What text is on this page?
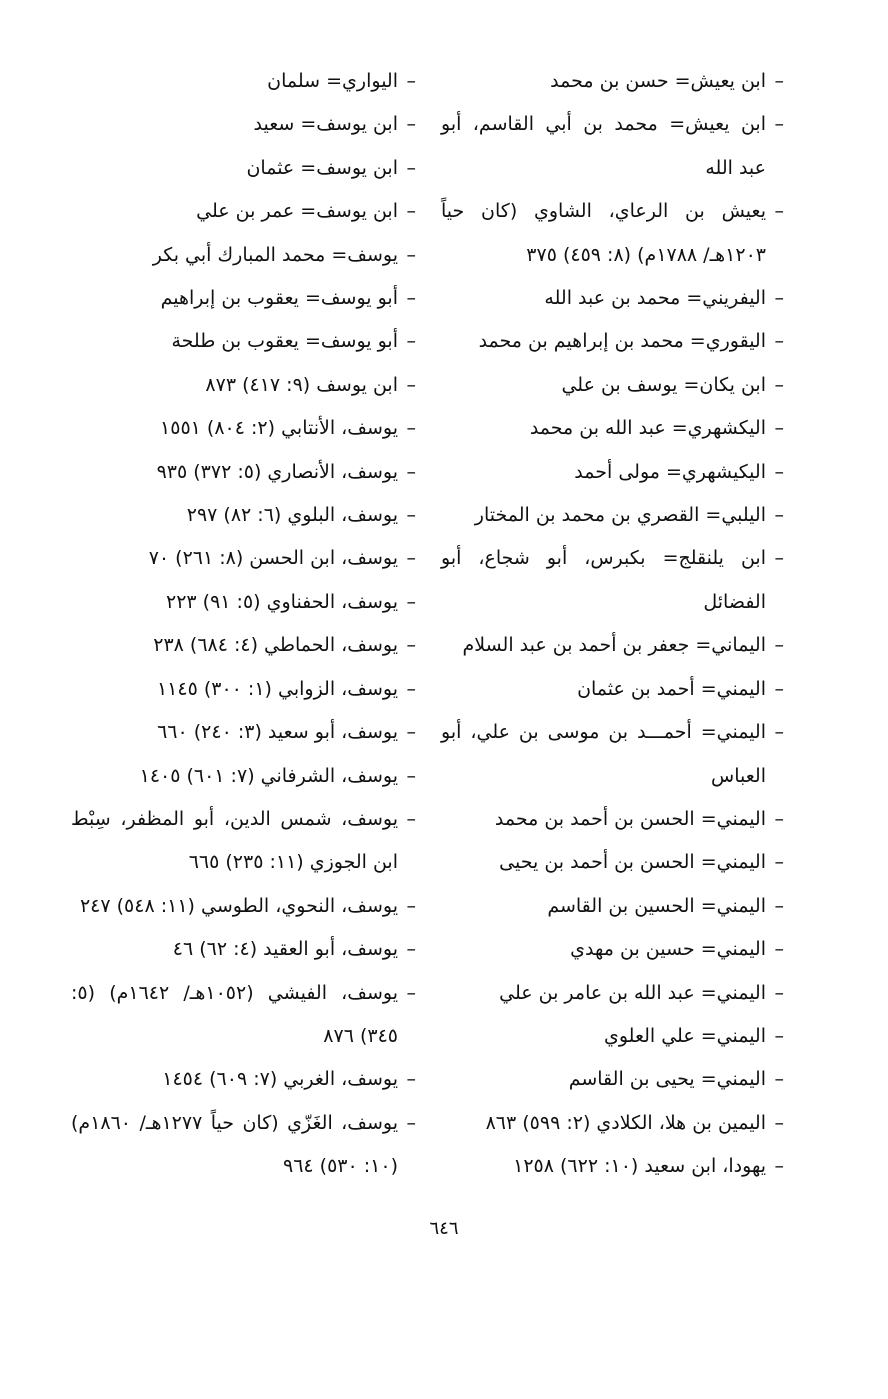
–
ابن يعيش= حسن بن محمد
–
ابن يعيش= محمد بن أبي القاسم، أبو عبد الله
–
يعيش بن الرعاي، الشاوي (كان حياً ١٢٠٣هـ/ ١٧٨٨م) (٨: ٤٥٩) ٣٧٥
–
اليفريني= محمد بن عبد الله
–
اليقوري= محمد بن إبراهيم بن محمد
–
ابن يكان= يوسف بن علي
–
اليكشهري= عبد الله بن محمد
–
اليكيشهري= مولى أحمد
–
اليلبي= القصري بن محمد بن المختار
–
ابن يلنقلج= بكبرس، أبو شجاع، أبو الفضائل
–
اليماني= جعفر بن أحمد بن عبد السلام
–
اليمني= أحمد بن عثمان
–
اليمني= أحمـــد بن موسى بن علي، أبو العباس
–
اليمني= الحسن بن أحمد بن محمد
–
اليمني= الحسن بن أحمد بن يحيى
–
اليمني= الحسين بن القاسم
–
اليمني= حسين بن مهدي
–
اليمني= عبد الله بن عامر بن علي
–
اليمني= علي العلوي
–
اليمني= يحيى بن القاسم
–
اليمين بن هلا، الكلادي (٢: ٥٩٩) ٨٦٣
–
يهودا، ابن سعيد (١٠: ٦٢٢) ١٢٥٨
–
اليواري= سلمان
–
ابن يوسف= سعيد
–
ابن يوسف= عثمان
–
ابن يوسف= عمر بن علي
–
يوسف= محمد المبارك أبي بكر
–
أبو يوسف= يعقوب بن إبراهيم
–
أبو يوسف= يعقوب بن طلحة
–
ابن يوسف (٩: ٤١٧) ٨٧٣
–
يوسف، الأنتابي (٢: ٨٠٤) ١٥٥١
–
يوسف، الأنصاري (٥: ٣٧٢) ٩٣٥
–
يوسف، البلوي (٦: ٨٢) ٢٩٧
–
يوسف، ابن الحسن (٨: ٢٦١) ٧٠
–
يوسف، الحفناوي (٥: ٩١) ٢٢٣
–
يوسف، الحماطي (٤: ٦٨٤) ٢٣٨
–
يوسف، الزوابي (١: ٣٠٠) ١١٤٥
–
يوسف، أبو سعيد (٣: ٢٤٠) ٦٦٠
–
يوسف، الشرفاني (٧: ٦٠١) ١٤٠٥
–
يوسف، شمس الدين، أبو المظفر، سِبْط ابن الجوزي (١١: ٢٣٥) ٦٦٥
–
يوسف، النحوي، الطوسي (١١: ٥٤٨) ٢٤٧
–
يوسف، أبو العقيد (٤: ٦٢) ٤٦
–
يوسف، الفيشي (١٠٥٢هـ/ ١٦٤٢م) (٥: ٣٤٥) ٨٧٦
–
يوسف، الغربي (٧: ٦٠٩) ١٤٥٤
–
يوسف، الغَزّي (كان حياً ١٢٧٧هـ/ ١٨٦٠م) (١٠: ٥٣٠) ٩٦٤
٦٤٦
